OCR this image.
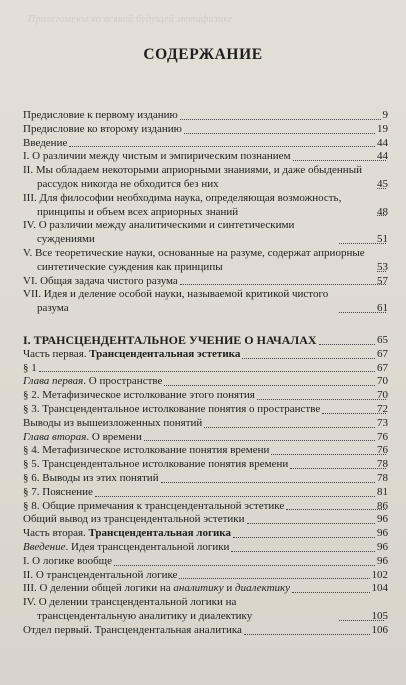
Пролегомены ко всякой будущей метафизике
СОДЕРЖАНИЕ
Предисловие к первому изданию	9
Предисловие ко второму изданию	19
Введение	44
I. О различии между чистым и эмпирическим познанием	44
II. Мы обладаем некоторыми априорными знаниями, и даже обыденный рассудок никогда не обходится без них	45
III. Для философии необходима наука, определяющая возможность, принципы и объем всех априорных знаний	48
IV. О различии между аналитическими и синтетическими суждениями	51
V. Все теоретические науки, основанные на разуме, содержат априорные синтетические суждения как принципы	53
VI. Общая задача чистого разума	57
VII. Идея и деление особой науки, называемой критикой чистого разума	61
I. ТРАНСЦЕНДЕНТАЛЬНОЕ УЧЕНИЕ О НАЧАЛАХ	65
Часть первая. Трансцендентальная эстетика	67
§ 1	67
Глава первая. О пространстве	70
§ 2. Метафизическое истолкование этого понятия	70
§ 3. Трансцендентальное истолкование понятия о пространстве	72
Выводы из вышеизложенных понятий	73
Глава вторая. О времени	76
§ 4. Метафизическое истолкование понятия времени	76
§ 5. Трансцендентальное истолкование понятия времени	78
§ 6. Выводы из этих понятий	78
§ 7. Пояснение	81
§ 8. Общие примечания к трансцендентальной эстетике	86
Общий вывод из трансцендентальной эстетики	96
Часть вторая. Трансцендентальная логика	96
Введение. Идея трансцендентальной логики	96
I. О логике вообще	96
II. О трансцендентальной логике	102
III. О делении общей логики на аналитику и диалектику	104
IV. О делении трансцендентальной логики на трансцендентальную аналитику и диалектику	105
Отдел первый. Трансцендентальная аналитика	106
